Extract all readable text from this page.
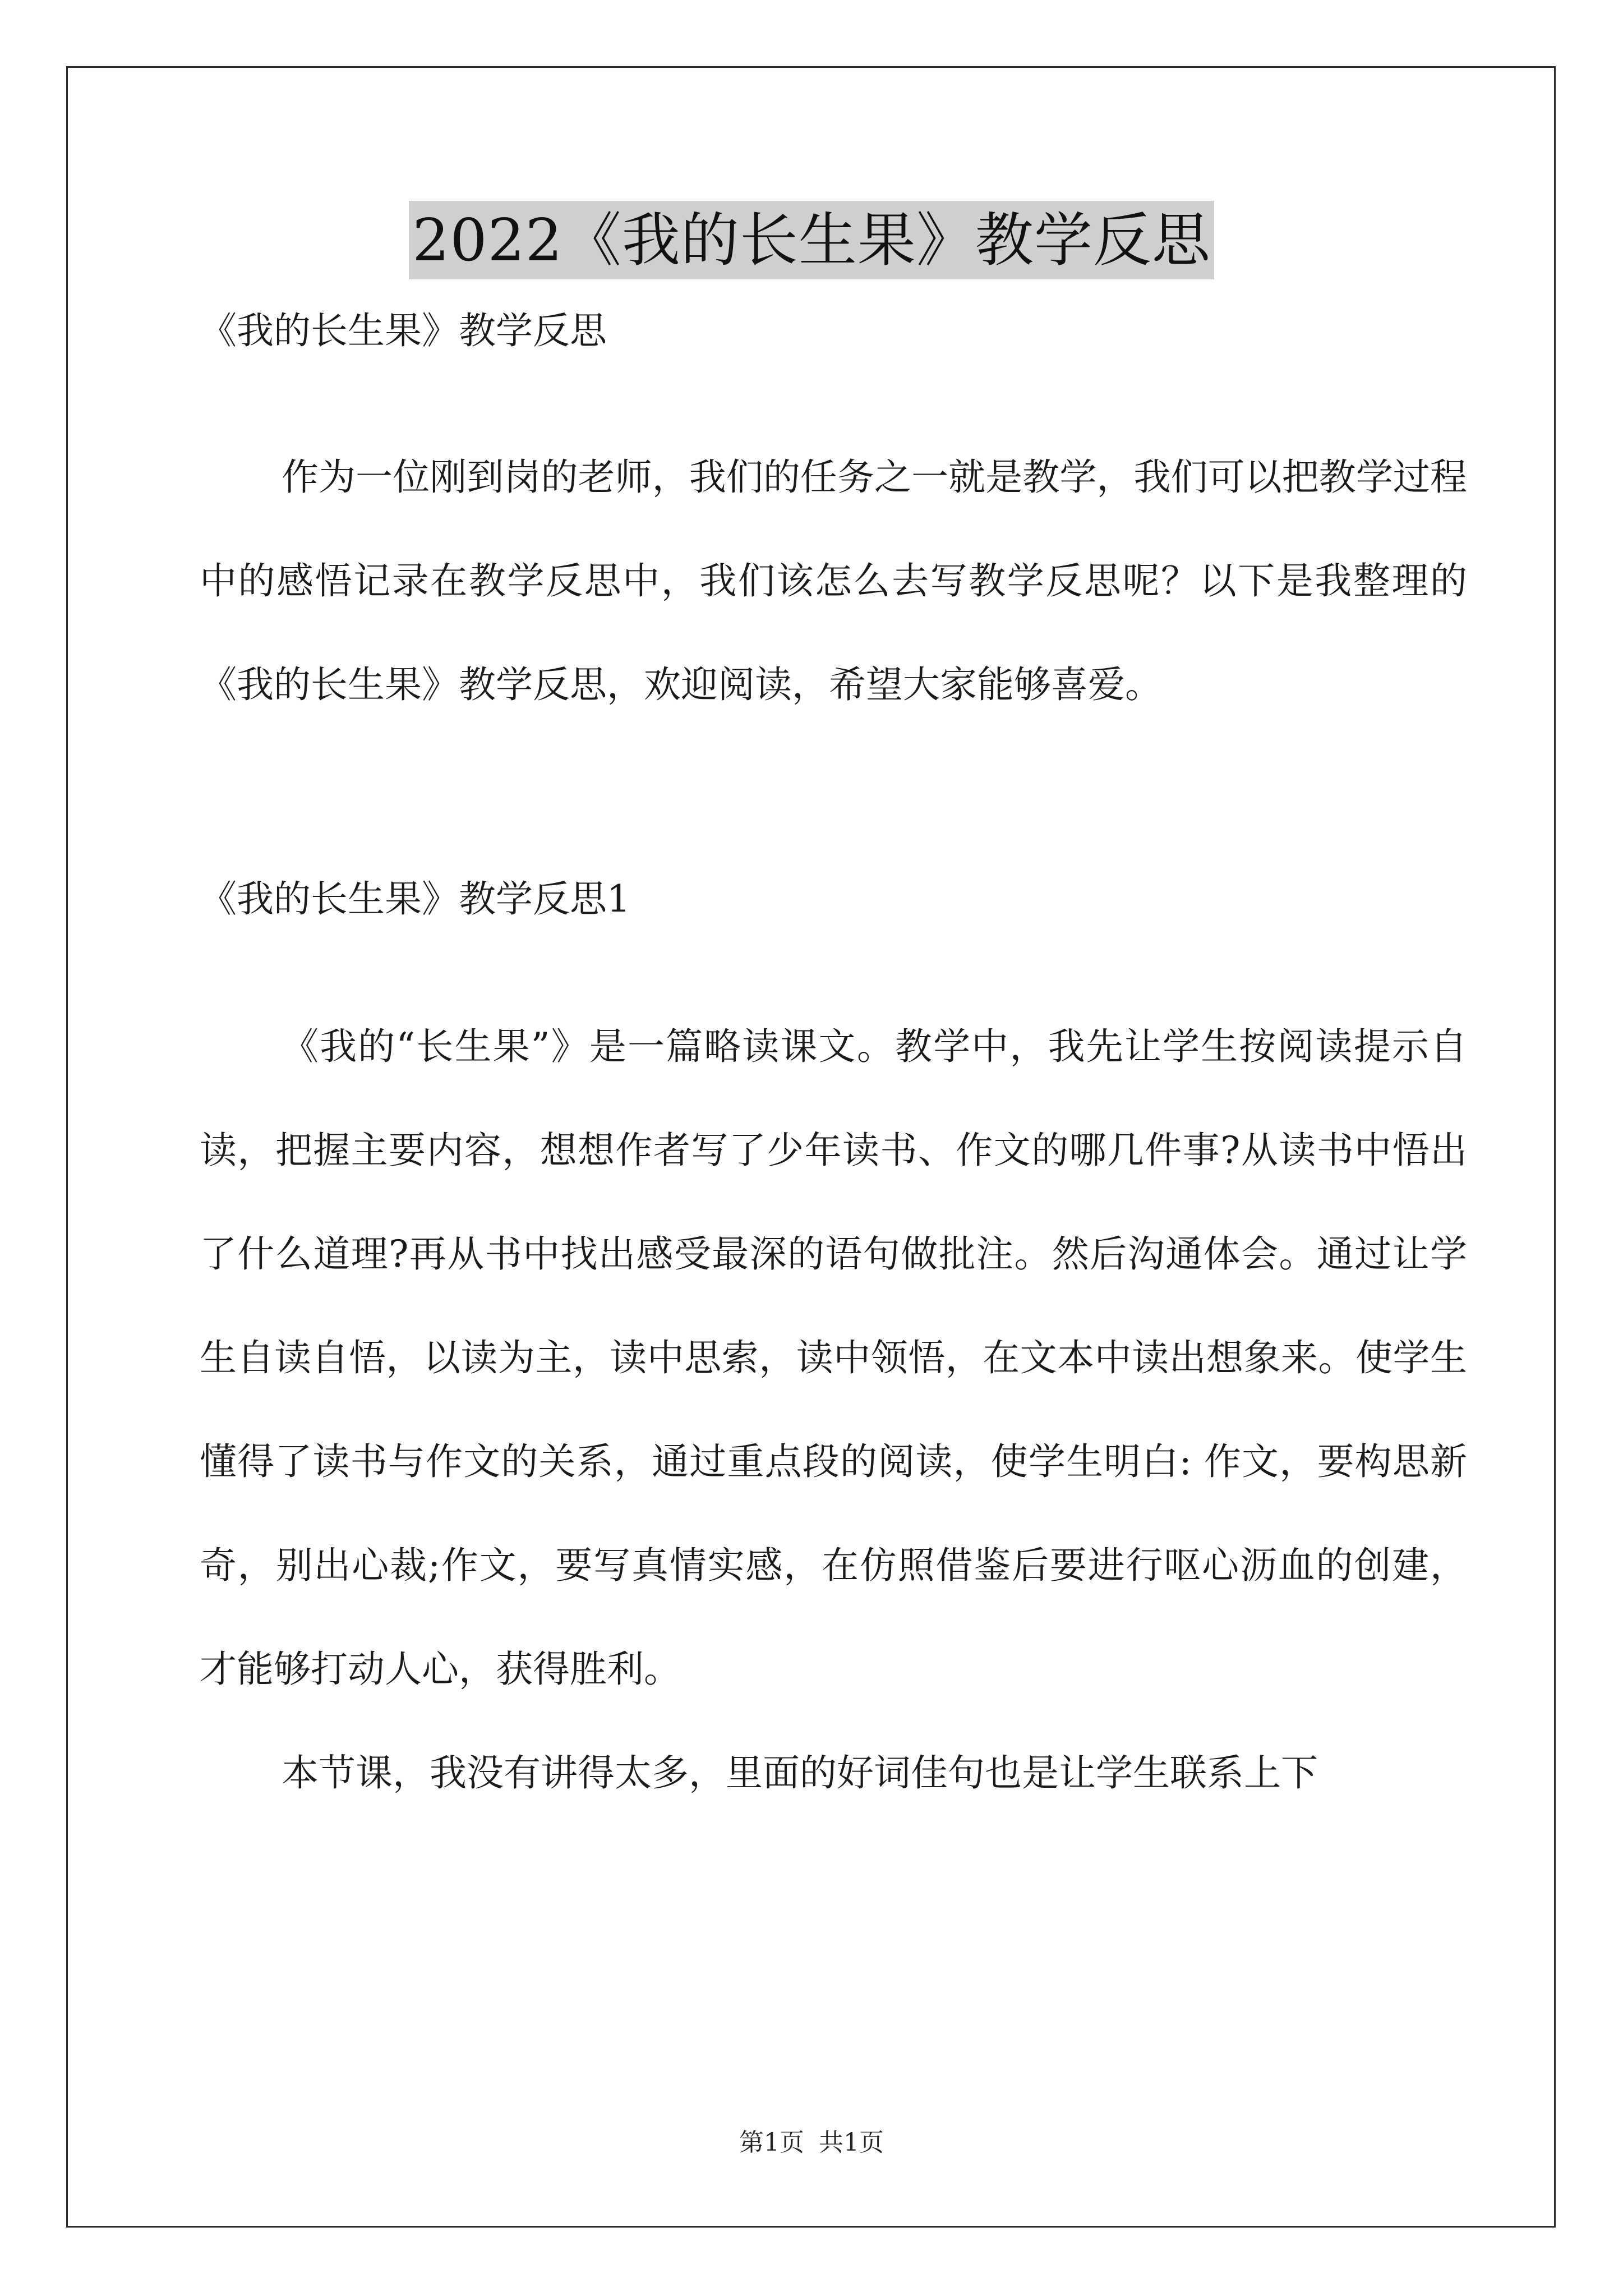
2022《我的长生果》教学反思

《我的长生果》教学反思

作为一位刚到岗的老师，我们的任务之一就是教学，我们可以把教学过程中的感悟记录在教学反思中，我们该怎么去写教学反思呢？以下是我整理的《我的长生果》教学反思，欢迎阅读，希望大家能够喜爱。

《我的长生果》教学反思1

《我的“长生果”》是一篇略读课文。教学中，我先让学生按阅读提示自读，把握主要内容，想想作者写了少年读书、作文的哪几件事?从读书中悟出了什么道理?再从书中找出感受最深的语句做批注。然后沟通体会。通过让学生自读自悟，以读为主，读中思索，读中领悟，在文本中读出想象来。使学生懂得了读书与作文的关系，通过重点段的阅读，使学生明白: 作文，要构思新奇，别出心裁;作文，要写真情实感，在仿照借鉴后要进行呕心沥血的创建，才能够打动人心，获得胜利。

本节课，我没有讲得太多，里面的好词佳句也是让学生联系上下

第1页 共1页
